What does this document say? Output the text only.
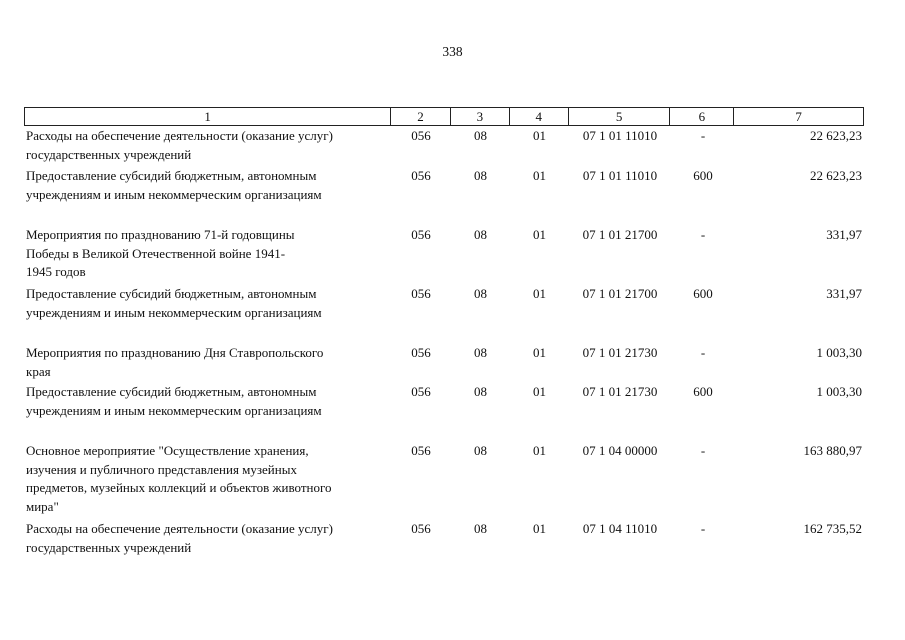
338
1	2	3	4	5	6	7
Расходы на обеспечение деятельности (оказание услуг)
государственных учреждений
056	08	01	07 1 01 11010	-	22 623,23
Предоставление субсидий бюджетным, автономным
учреждениям и иным некоммерческим организациям
056	08	01	07 1 01 11010	600	22 623,23
Мероприятия по празднованию 71-й годовщины
Победы в Великой Отечественной войне 1941-
1945 годов
056	08	01	07 1 01 21700	-	331,97
Предоставление субсидий бюджетным, автономным
учреждениям и иным некоммерческим организациям
056	08	01	07 1 01 21700	600	331,97
Мероприятия по празднованию Дня Ставропольского
края
056	08	01	07 1 01 21730	-	1 003,30
Предоставление субсидий бюджетным, автономным
учреждениям и иным некоммерческим организациям
056	08	01	07 1 01 21730	600	1 003,30
Основное мероприятие "Осуществление хранения,
изучения и публичного представления музейных
предметов, музейных коллекций и объектов животного
мира"
056	08	01	07 1 04 00000	-	163 880,97
Расходы на обеспечение деятельности (оказание услуг)
государственных учреждений
056	08	01	07 1 04 11010	-	162 735,52
